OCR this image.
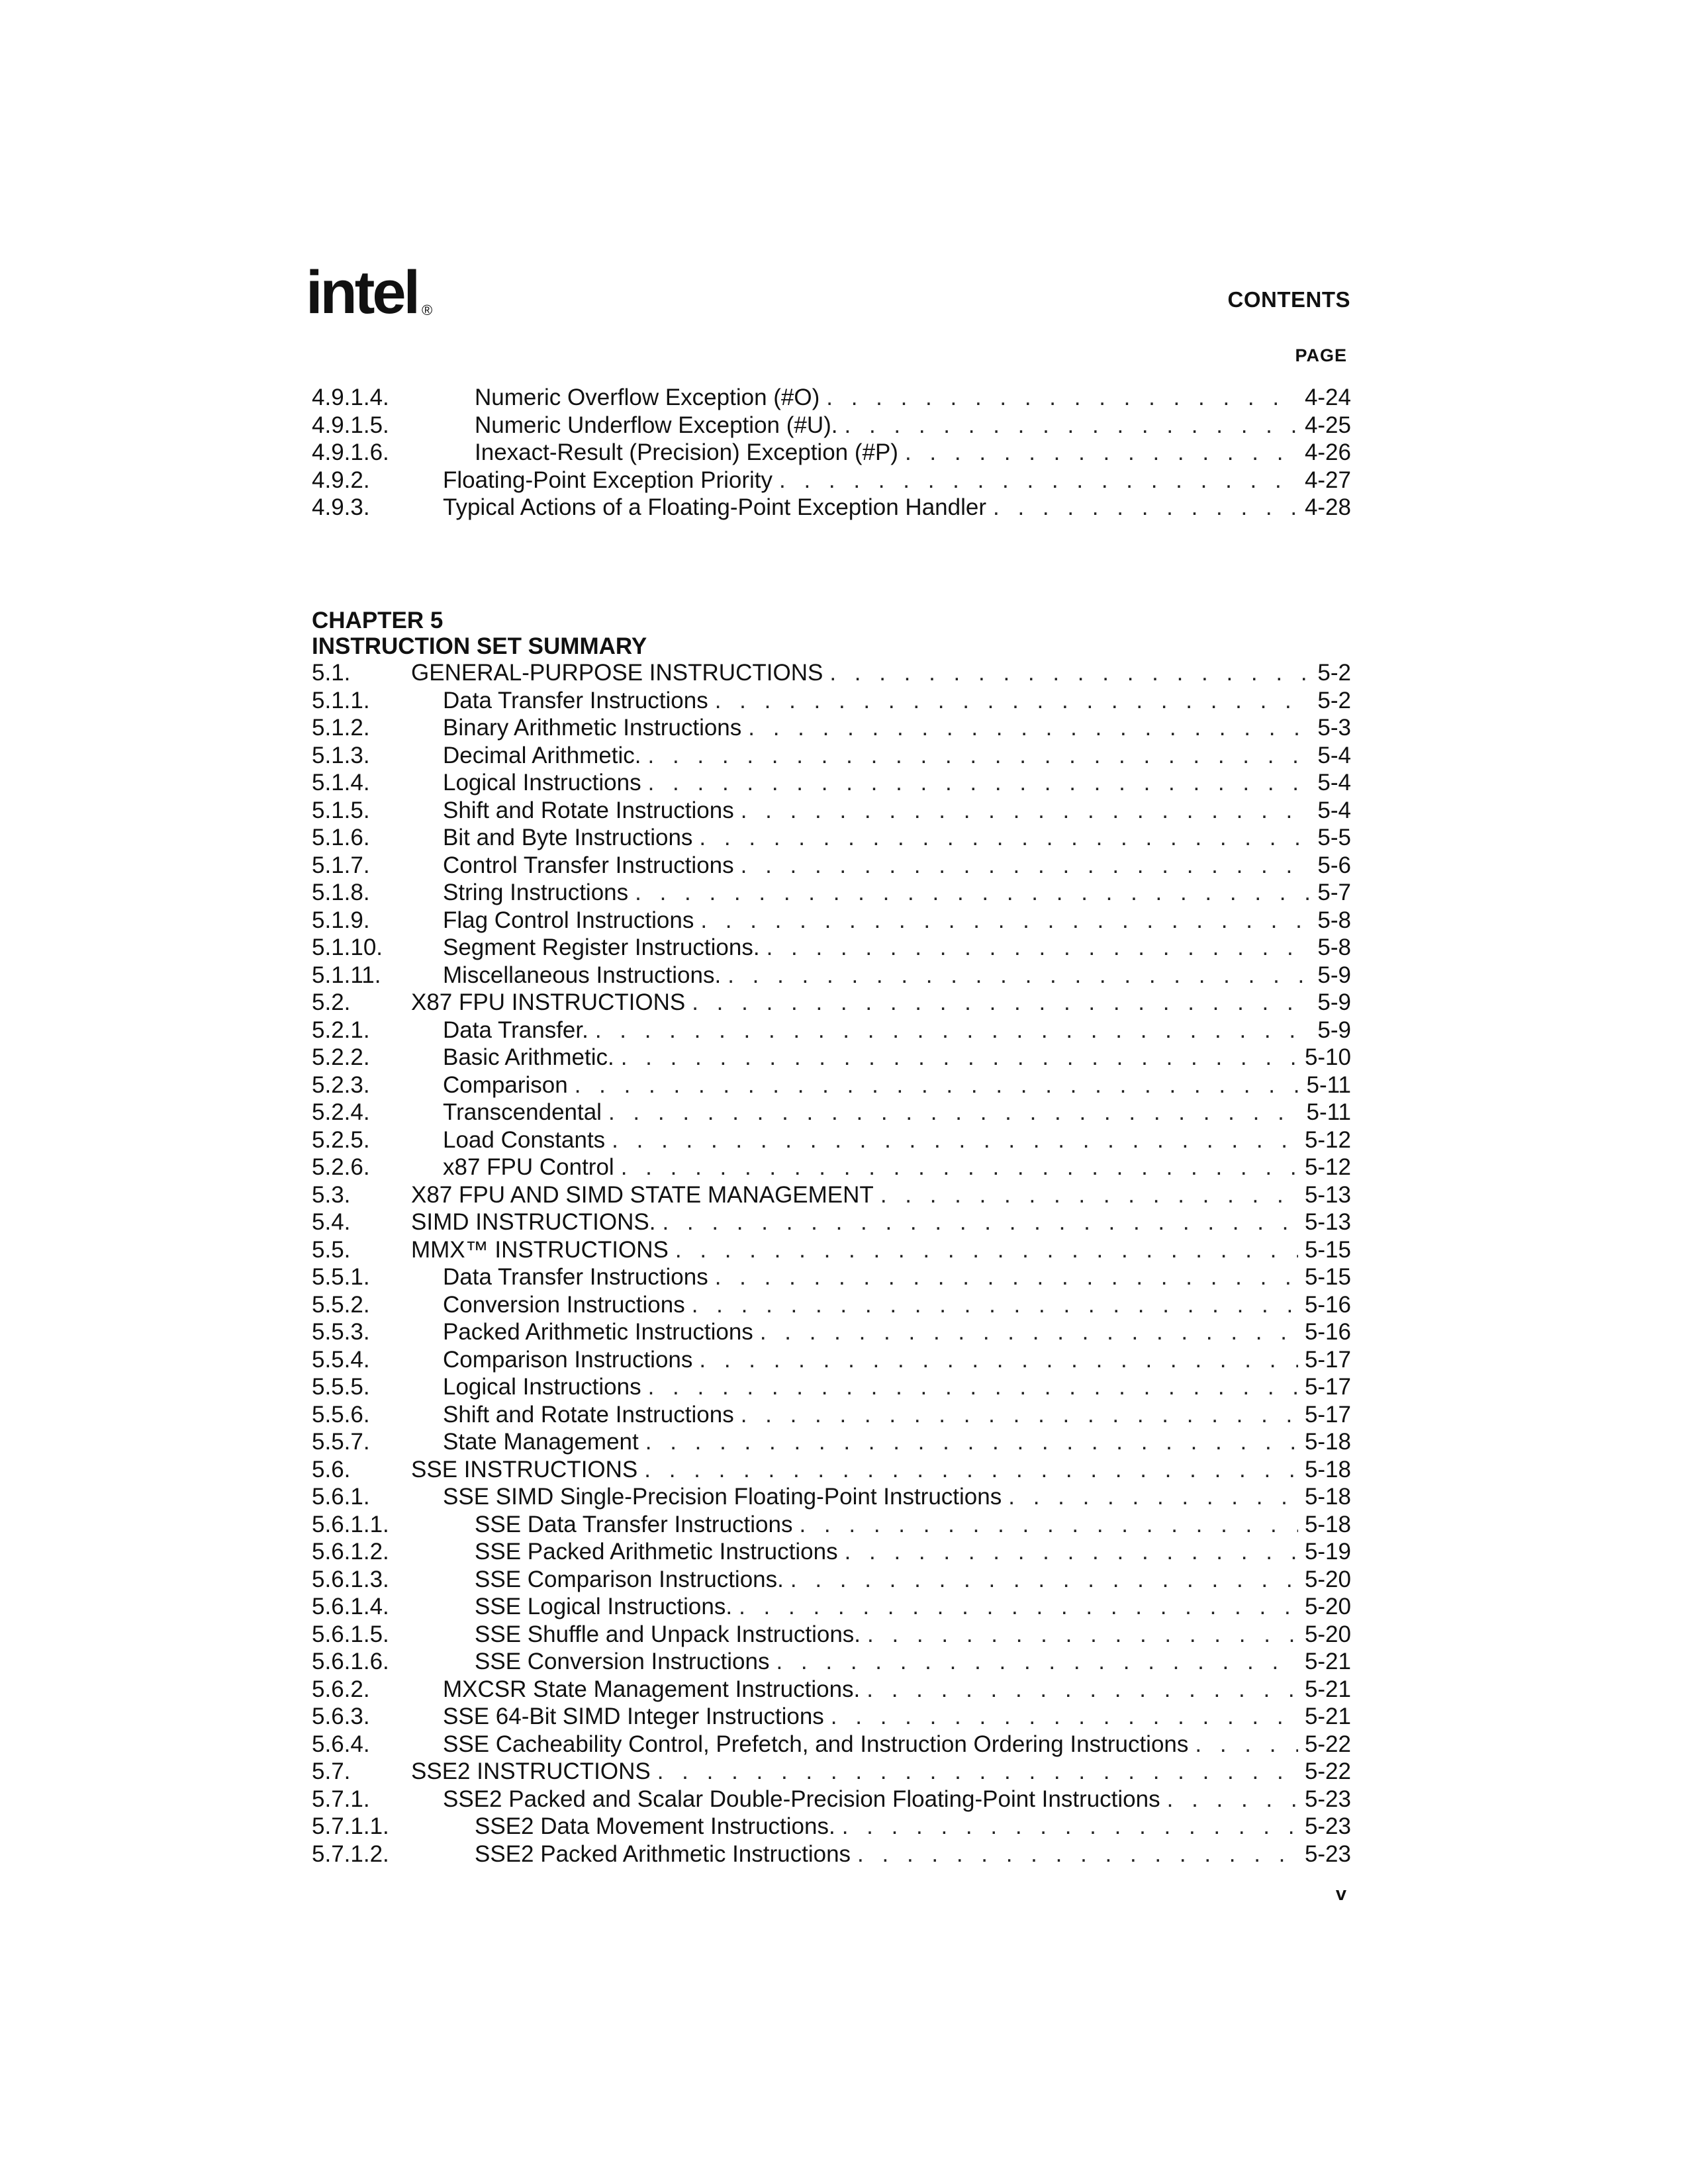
intel ®	CONTENTS
PAGE
4.9.1.4.	Numeric Overflow Exception (#O) . . .	4-24
4.9.1.5.	Numeric Underflow Exception (#U). . . .	4-25
4.9.1.6.	Inexact-Result (Precision) Exception (#P) . . .	4-26
4.9.2.	Floating-Point Exception Priority . . .	4-27
4.9.3.	Typical Actions of a Floating-Point Exception Handler . . .	4-28
CHAPTER 5
INSTRUCTION SET SUMMARY
5.1.	GENERAL-PURPOSE INSTRUCTIONS . . .	5-2
5.1.1.	Data Transfer Instructions . . .	5-2
5.1.2.	Binary Arithmetic Instructions . . .	5-3
5.1.3.	Decimal Arithmetic. . . .	5-4
5.1.4.	Logical Instructions . . .	5-4
5.1.5.	Shift and Rotate Instructions . . .	5-4
5.1.6.	Bit and Byte Instructions . . .	5-5
5.1.7.	Control Transfer Instructions . . .	5-6
5.1.8.	String Instructions . . .	5-7
5.1.9.	Flag Control Instructions . . .	5-8
5.1.10.	Segment Register Instructions. . . .	5-8
5.1.11.	Miscellaneous Instructions. . . .	5-9
5.2.	X87 FPU INSTRUCTIONS . . .	5-9
5.2.1.	Data Transfer. . . .	5-9
5.2.2.	Basic Arithmetic. . . .	5-10
5.2.3.	Comparison . . .	5-11
5.2.4.	Transcendental . . .	5-11
5.2.5.	Load Constants . . .	5-12
5.2.6.	x87 FPU Control . . .	5-12
5.3.	X87 FPU AND SIMD STATE MANAGEMENT . . .	5-13
5.4.	SIMD INSTRUCTIONS. . . .	5-13
5.5.	MMX™ INSTRUCTIONS . . .	5-15
5.5.1.	Data Transfer Instructions . . .	5-15
5.5.2.	Conversion Instructions . . .	5-16
5.5.3.	Packed Arithmetic Instructions . . .	5-16
5.5.4.	Comparison Instructions . . .	5-17
5.5.5.	Logical Instructions . . .	5-17
5.5.6.	Shift and Rotate Instructions . . .	5-17
5.5.7.	State Management . . .	5-18
5.6.	SSE INSTRUCTIONS . . .	5-18
5.6.1.	SSE SIMD Single-Precision Floating-Point Instructions . . .	5-18
5.6.1.1.	SSE Data Transfer Instructions . . .	5-18
5.6.1.2.	SSE Packed Arithmetic Instructions . . .	5-19
5.6.1.3.	SSE Comparison Instructions. . . .	5-20
5.6.1.4.	SSE Logical Instructions. . . .	5-20
5.6.1.5.	SSE Shuffle and Unpack Instructions. . . .	5-20
5.6.1.6.	SSE Conversion Instructions . . .	5-21
5.6.2.	MXCSR State Management Instructions. . . .	5-21
5.6.3.	SSE 64-Bit SIMD Integer Instructions . . .	5-21
5.6.4.	SSE Cacheability Control, Prefetch, and Instruction Ordering Instructions . . .	5-22
5.7.	SSE2 INSTRUCTIONS . . .	5-22
5.7.1.	SSE2 Packed and Scalar Double-Precision Floating-Point Instructions . . .	5-23
5.7.1.1.	SSE2 Data Movement Instructions. . . .	5-23
5.7.1.2.	SSE2 Packed Arithmetic Instructions . . .	5-23
v
